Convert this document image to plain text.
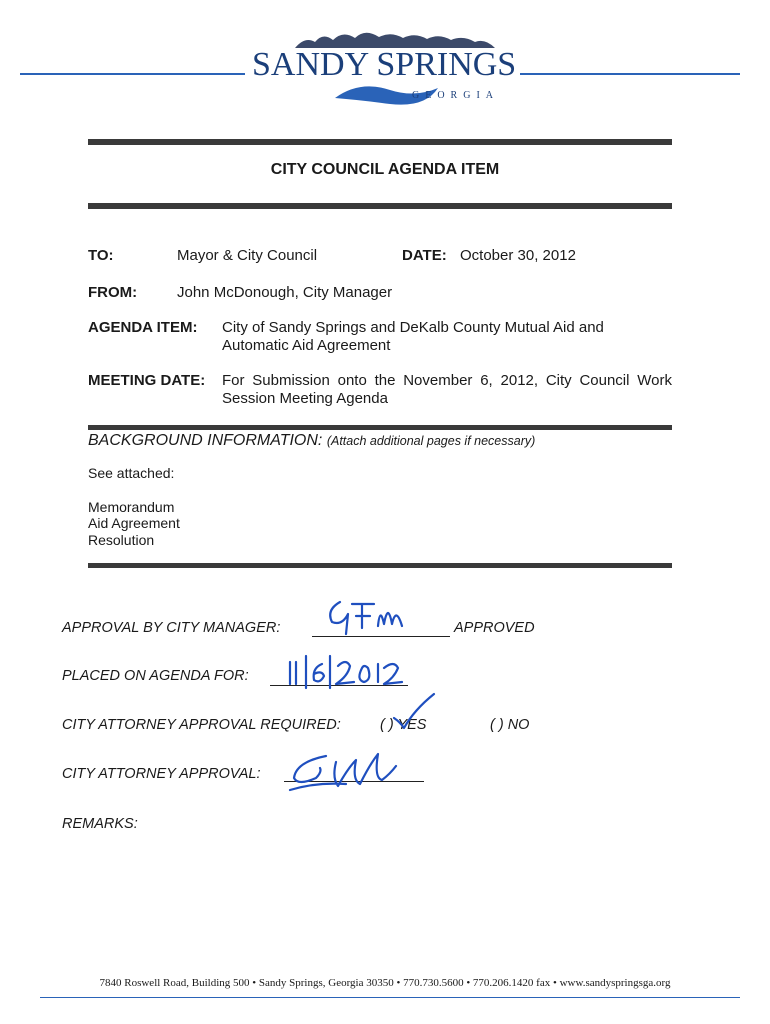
SANDY SPRINGS
GEORGIA
CITY COUNCIL AGENDA ITEM
TO:	Mayor & City Council	DATE: October 30, 2012
FROM:	John McDonough, City Manager
AGENDA ITEM: City of Sandy Springs and DeKalb County Mutual Aid and
Automatic Aid Agreement
MEETING DATE: For Submission onto the November 6, 2012, City Council Work
Session Meeting Agenda
BACKGROUND INFORMATION: (Attach additional pages if necessary)
See attached:
Memorandum
Aid Agreement
Resolution
APPROVAL BY CITY MANAGER:	APPROVED
PLACED ON AGENDA FOR:
CITY ATTORNEY APPROVAL REQUIRED:	( ) YES	( ) NO
CITY ATTORNEY APPROVAL:
REMARKS:
7840 Roswell Road, Building 500 • Sandy Springs, Georgia 30350 • 770.730.5600 • 770.206.1420 fax • www.sandyspringsga.org
